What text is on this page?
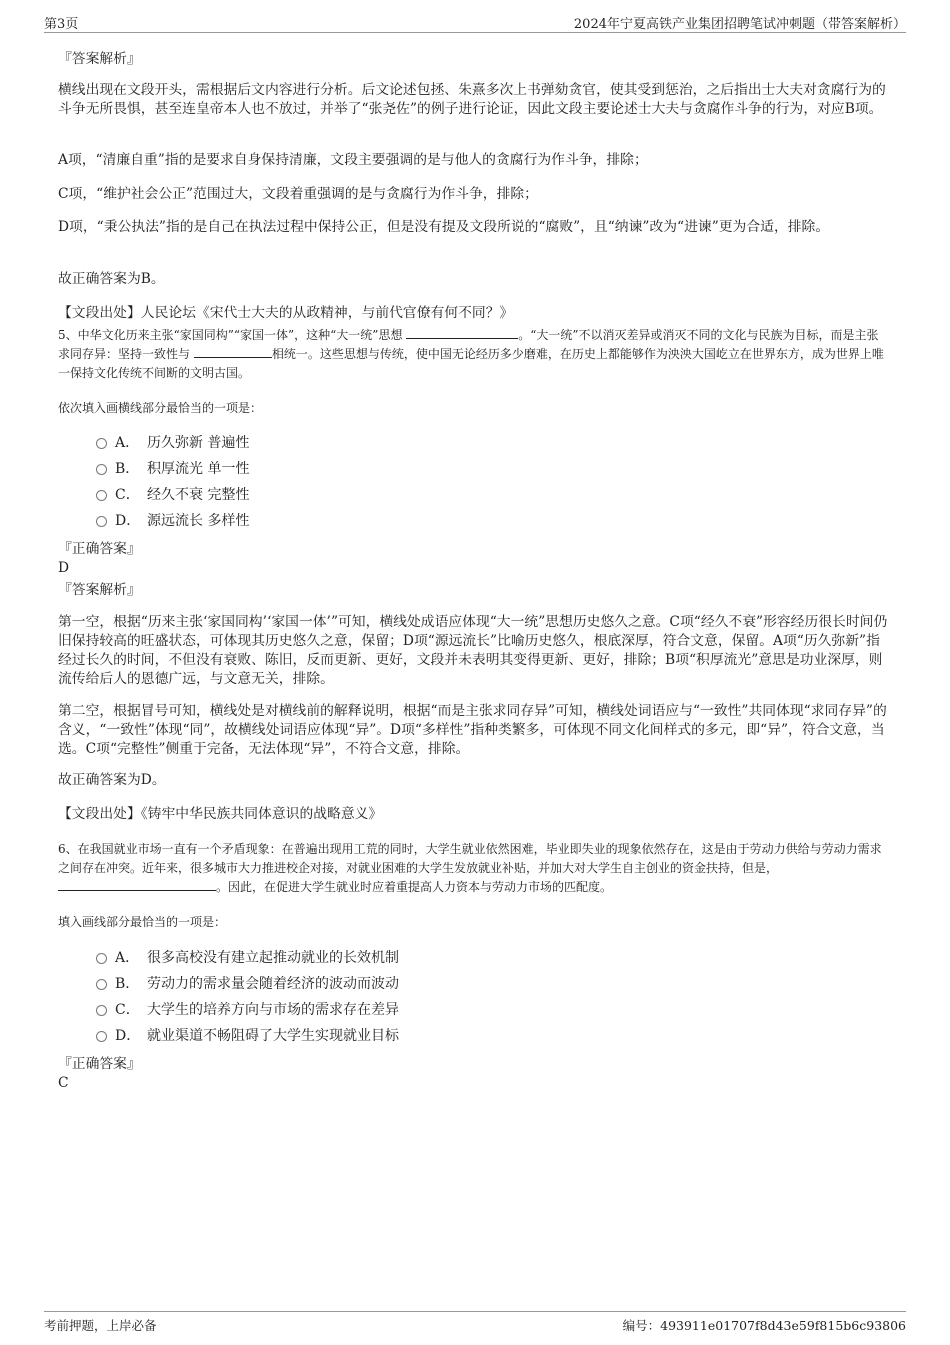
第3页	2024年宁夏高铁产业集团招聘笔试冲刺题（带答案解析）
『答案解析』
横线出现在文段开头，需根据后文内容进行分析。后文论述包拯、朱熹多次上书弹劾贪官，使其受到惩治，之后指出士大夫对贪腐行为的斗争无所畏惧，甚至连皇帝本人也不放过，并举了“张尧佐”的例子进行论证，因此文段主要论述士大夫与贪腐作斗争的行为，对应B项。
A项，“清廉自重”指的是要求自身保持清廉，文段主要强调的是与他人的贪腐行为作斗争，排除；
C项，“维护社会公正”范围过大，文段着重强调的是与贪腐行为作斗争，排除；
D项，“秉公执法”指的是自己在执法过程中保持公正，但是没有提及文段所说的“腐败”，且“纳谏”改为“进谏”更为合适，排除。
故正确答案为B。
【文段出处】人民论坛《宋代士大夫的从政精神，与前代官僚有何不同？》
5、中华文化历来主张“家国同构”“家国一体”，这种“大一统”思想	。“大一统”不以消灭差异或消灭不同的文化与民族为目标，而是主张求同存异：坚持一致性与	相统一。这些思想与传统，使中国无论经历多少磨难，在历史上都能够作为泱泱大国屹立在世界东方，成为世界上唯一保持文化传统不间断的文明古国。
依次填入画横线部分最恰当的一项是：
A． 历久弥新 普遍性
B． 积厚流光 单一性
C． 经久不衰 完整性
D． 源远流长 多样性
『正确答案』
D
『答案解析』
第一空，根据“历来主张‘家国同构’‘家国一体’”可知，横线处成语应体现“大一统”思想历史悠久之意。C项“经久不衰”形容经历很长时间仍旧保持较高的旺盛状态，可体现其历史悠久之意，保留；D项“源远流长”比喻历史悠久，根底深厚，符合文意，保留。A项“历久弥新”指经过长久的时间，不但没有衰败、陈旧，反而更新、更好，文段并未表明其变得更新、更好，排除；B项“积厚流光”意思是功业深厚，则流传给后人的恩德广远，与文意无关，排除。
第二空，根据冒号可知，横线处是对横线前的解释说明，根据“而是主张求同存异”可知，横线处词语应与“一致性”共同体现“求同存异”的含义，“一致性”体现“同”，故横线处词语应体现“异”。D项“多样性”指种类繁多，可体现不同文化间样式的多元，即“异”，符合文意，当选。C项“完整性”侧重于完备，无法体现“异”，不符合文意，排除。
故正确答案为D。
【文段出处】《铸牢中华民族共同体意识的战略意义》
6、在我国就业市场一直有一个矛盾现象：在普遍出现用工荒的同时，大学生就业依然困难，毕业即失业的现象依然存在，这是由于劳动力供给与劳动力需求之间存在冲突。近年来，很多城市大力推进校企对接，对就业困难的大学生发放就业补贴，并加大对大学生自主创业的资金扶持，但是， 。因此，在促进大学生就业时应着重提高人力资本与劳动力市场的匹配度。
填入画线部分最恰当的一项是：
A． 很多高校没有建立起推动就业的长效机制
B． 劳动力的需求量会随着经济的波动而波动
C． 大学生的培养方向与市场的需求存在差异
D． 就业渠道不畅阻碍了大学生实现就业目标
『正确答案』
C
考前押题，上岸必备	编号：493911e01707f8d43e59f815b6c93806
